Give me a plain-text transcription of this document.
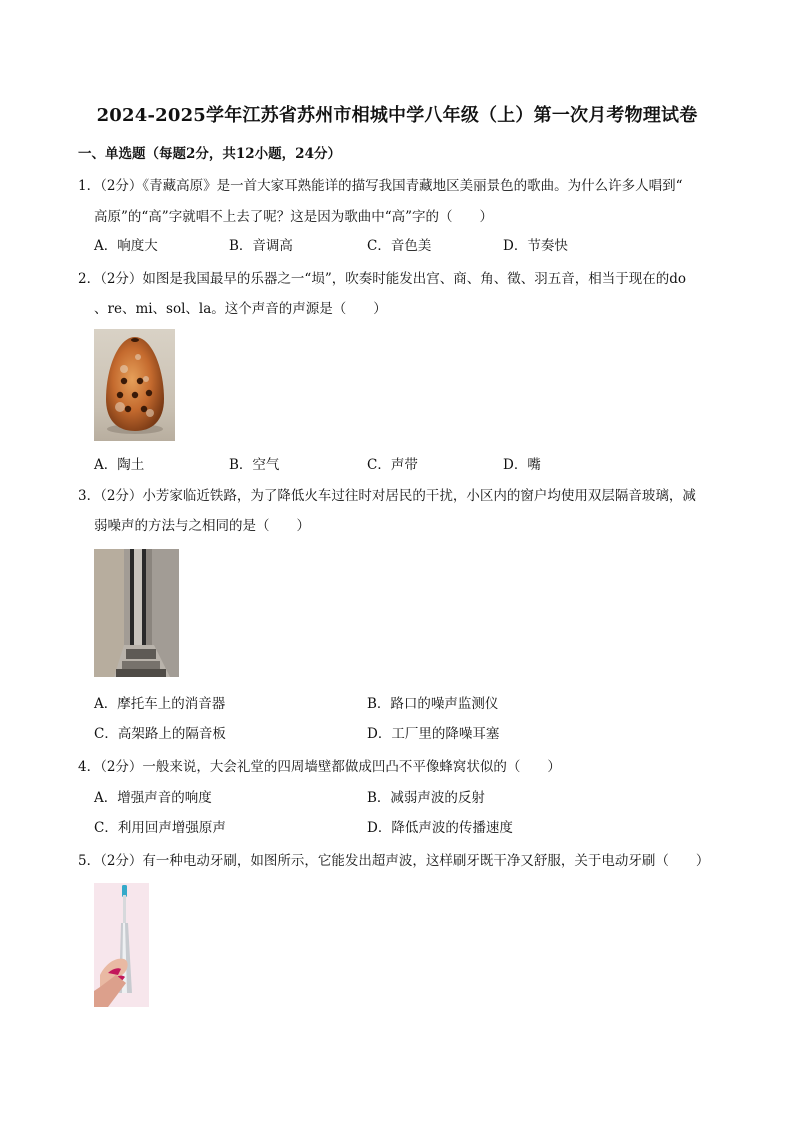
2024-2025学年江苏省苏州市相城中学八年级（上）第一次月考物理试卷
一、单选题（每题2分，共12小题，24分）
1．（2分）《青藏高原》是一首大家耳熟能详的描写我国青藏地区美丽景色的歌曲。为什么许多人唱到“
高原”的“高”字就唱不上去了呢？这是因为歌曲中“高”字的（　　）
A．响度大	B．音调高	C．音色美	D．节奏快
2．（2分）如图是我国最早的乐器之一“埙”，吹奏时能发出宫、商、角、徵、羽五音，相当于现在的do
、re、mi、sol、la。这个声音的声源是（　　）
A．陶土	B．空气	C．声带	D．嘴
3．（2分）小芳家临近铁路，为了降低火车过往时对居民的干扰，小区内的窗户均使用双层隔音玻璃，减
弱噪声的方法与之相同的是（　　）
A．摩托车上的消音器	B．路口的噪声监测仪
C．高架路上的隔音板	D．工厂里的降噪耳塞
4．（2分）一般来说，大会礼堂的四周墙壁都做成凹凸不平像蜂窝状似的（　　）
A．增强声音的响度	B．减弱声波的反射
C．利用回声增强原声	D．降低声波的传播速度
5．（2分）有一种电动牙刷，如图所示，它能发出超声波，这样刷牙既干净又舒服，关于电动牙刷（　　）
